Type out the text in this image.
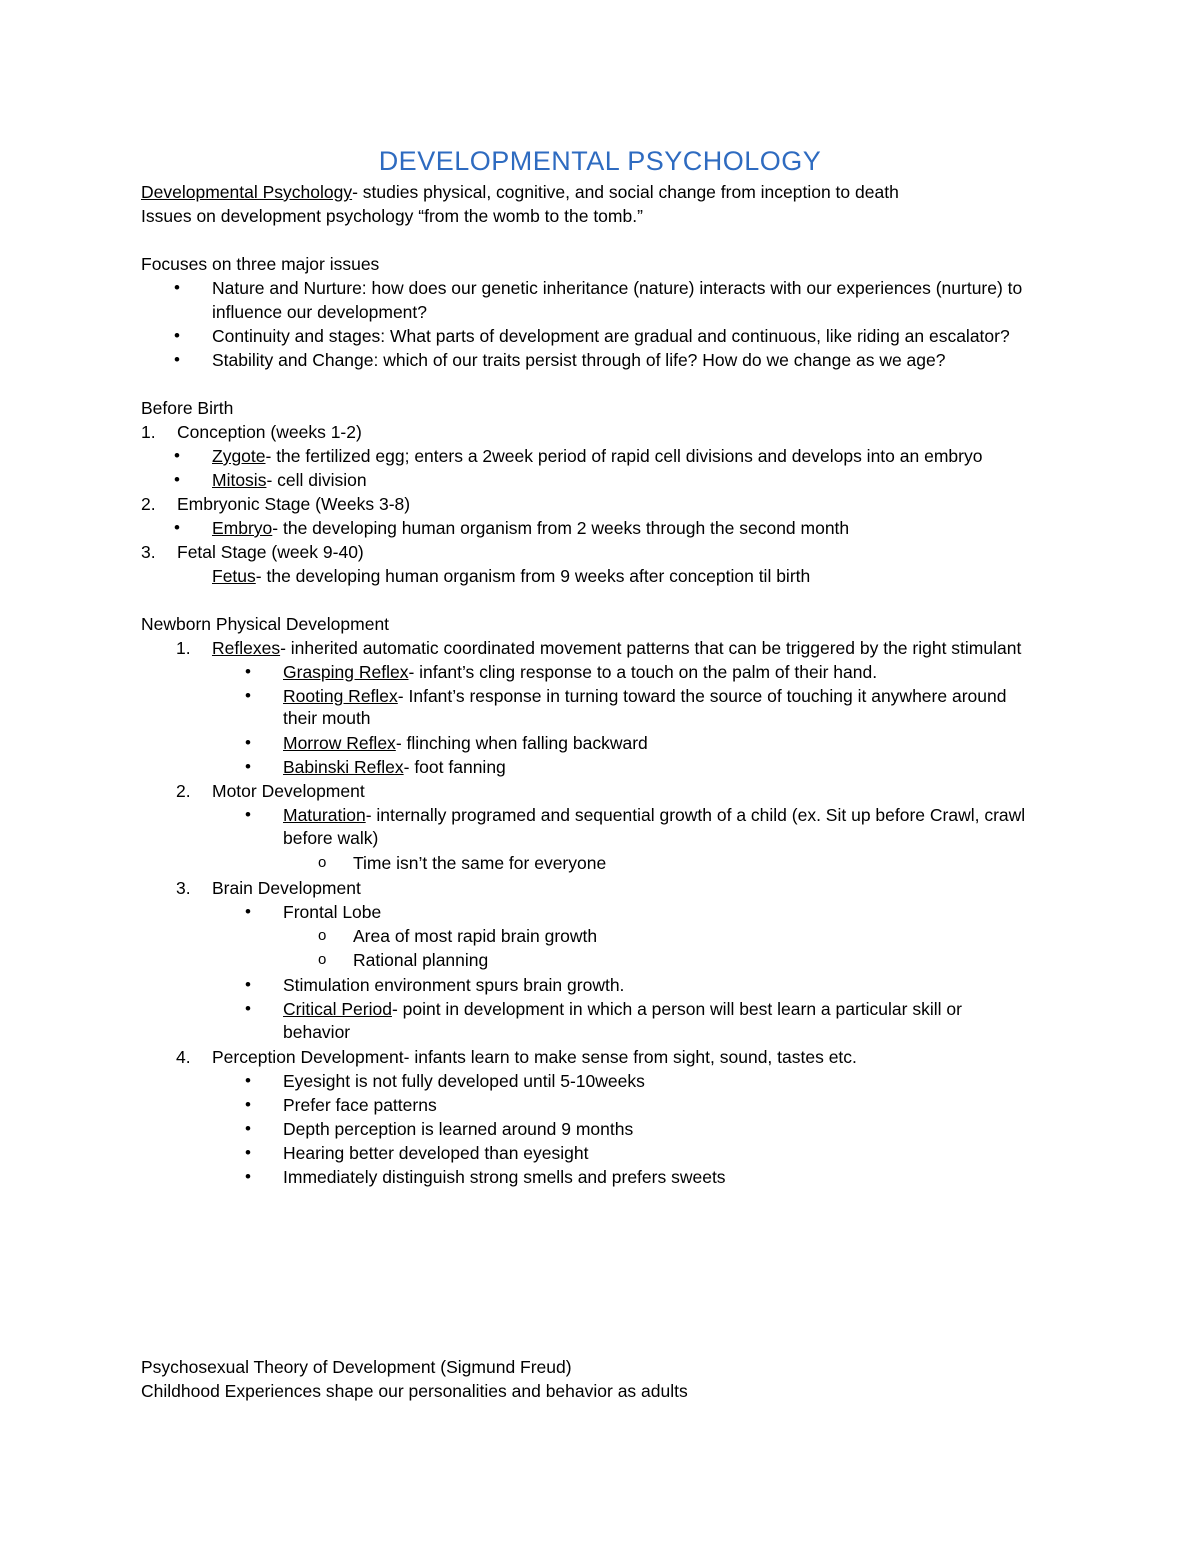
DEVELOPMENTAL PSYCHOLOGY
Developmental Psychology- studies physical, cognitive, and social change from inception to death
Issues on development psychology “from the womb to the tomb.”
Focuses on three major issues
• Nature and Nurture: how does our genetic inheritance (nature) interacts with our experiences (nurture) to
influence our development?
• Continuity and stages: What parts of development are gradual and continuous, like riding an escalator?
• Stability and Change: which of our traits persist through of life? How do we change as we age?
Before Birth
1. Conception (weeks 1-2)
• Zygote- the fertilized egg; enters a 2week period of rapid cell divisions and develops into an embryo
• Mitosis- cell division
2. Embryonic Stage (Weeks 3-8)
• Embryo- the developing human organism from 2 weeks through the second month
3. Fetal Stage (week 9-40)
Fetus- the developing human organism from 9 weeks after conception til birth
Newborn Physical Development
1. Reflexes- inherited automatic coordinated movement patterns that can be triggered by the right stimulant
• Grasping Reflex- infant’s cling response to a touch on the palm of their hand.
• Rooting Reflex- Infant’s response in turning toward the source of touching it anywhere around
their mouth
• Morrow Reflex- flinching when falling backward
• Babinski Reflex- foot fanning
2. Motor Development
• Maturation- internally programed and sequential growth of a child (ex. Sit up before Crawl, crawl
before walk)
o Time isn’t the same for everyone
3. Brain Development
• Frontal Lobe
o Area of most rapid brain growth
o Rational planning
• Stimulation environment spurs brain growth.
• Critical Period- point in development in which a person will best learn a particular skill or
behavior
4. Perception Development- infants learn to make sense from sight, sound, tastes etc.
• Eyesight is not fully developed until 5-10weeks
• Prefer face patterns
• Depth perception is learned around 9 months
• Hearing better developed than eyesight
• Immediately distinguish strong smells and prefers sweets
Psychosexual Theory of Development (Sigmund Freud)
Childhood Experiences shape our personalities and behavior as adults
